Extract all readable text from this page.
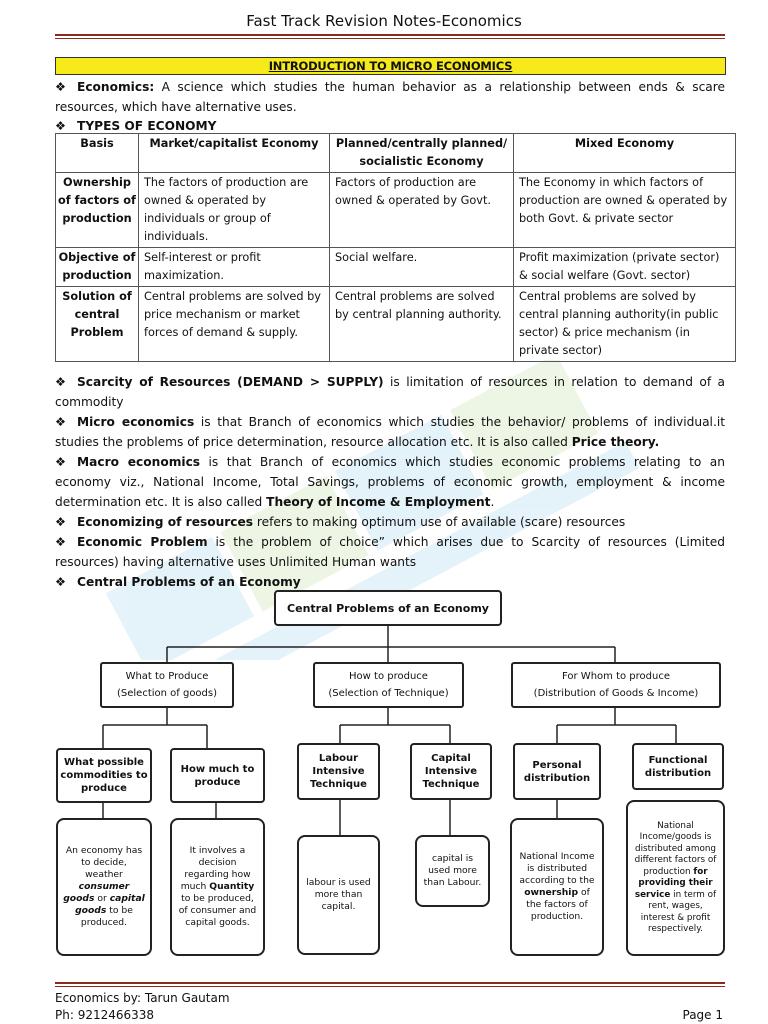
Fast Track Revision Notes-Economics
INTRODUCTION TO MICRO ECONOMICS
❖ Economics: A science which studies the human behavior as a relationship between ends & scare resources, which have alternative uses.
❖ TYPES OF ECONOMY
Basis	Market/capitalist Economy	Planned/centrally planned/ socialistic Economy	Mixed Economy
Ownership of factors of production	The factors of production are owned & operated by individuals or group of individuals.	Factors of production are owned & operated by Govt.	The Economy in which factors of production are owned & operated by both Govt. & private sector
Objective of production	Self-interest or profit maximization.	Social welfare.	Profit maximization (private sector) & social welfare (Govt. sector)
Solution of central Problem	Central problems are solved by price mechanism or market forces of demand & supply.	Central problems are solved by central planning authority.	Central problems are solved by central planning authority(in public sector) & price mechanism (in private sector)
❖ Scarcity of Resources (DEMAND > SUPPLY) is limitation of resources in relation to demand of a commodity
❖ Micro economics is that Branch of economics which studies the behavior/ problems of individual.it studies the problems of price determination, resource allocation etc. It is also called Price theory.
❖ Macro economics is that Branch of economics which studies economic problems relating to an economy viz., National Income, Total Savings, problems of economic growth, employment & income determination etc. It is also called Theory of Income & Employment.
❖ Economizing of resources refers to making optimum use of available (scare) resources
❖ Economic Problem is the problem of choice” which arises due to Scarcity of resources (Limited resources) having alternative uses Unlimited Human wants
❖ Central Problems of an Economy
Central Problems of an Economy
What to Produce
(Selection of goods)
How to produce
(Selection of Technique)
For Whom to produce
(Distribution of Goods & Income)
What possible commodities to produce
How much to produce
Labour Intensive Technique
Capital Intensive Technique
Personal distribution
Functional distribution
An economy has to decide, weather consumer goods or capital goods to be produced.
It involves a decision regarding how much Quantity to be produced, of consumer and capital goods.
labour is used more than capital.
capital is used more than Labour.
National Income is distributed according to the ownership of the factors of production.
National Income/goods is distributed among different factors of production for providing their service in term of rent, wages, interest & profit respectively.
Economics by: Tarun Gautam
Ph: 9212466338	Page 1
